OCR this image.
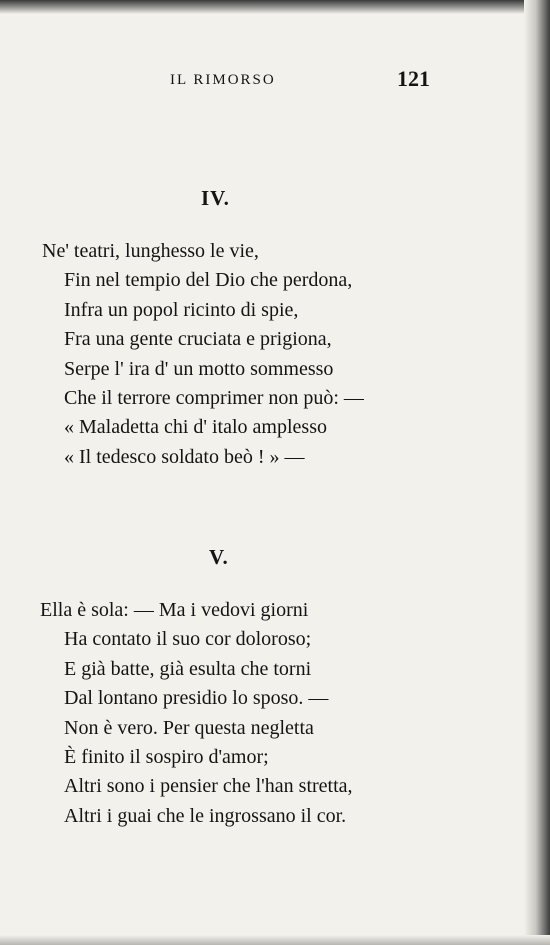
IL RIMORSO	121
IV.
Ne' teatri, lunghesso le vie,
Fin nel tempio del Dio che perdona,
Infra un popol ricinto di spie,
Fra una gente cruciata e prigiona,
Serpe l' ira d' un motto sommesso
Che il terrore comprimer non può: —
« Maladetta chi d' italo amplesso
« Il tedesco soldato beò ! » —
V.
Ella è sola: — Ma i vedovi giorni
Ha contato il suo cor doloroso;
E già batte, già esulta che torni
Dal lontano presidio lo sposo. —
Non è vero. Per questa negletta
È finito il sospiro d'amor;
Altri sono i pensier che l'han stretta,
Altri i guai che le ingrossano il cor.
